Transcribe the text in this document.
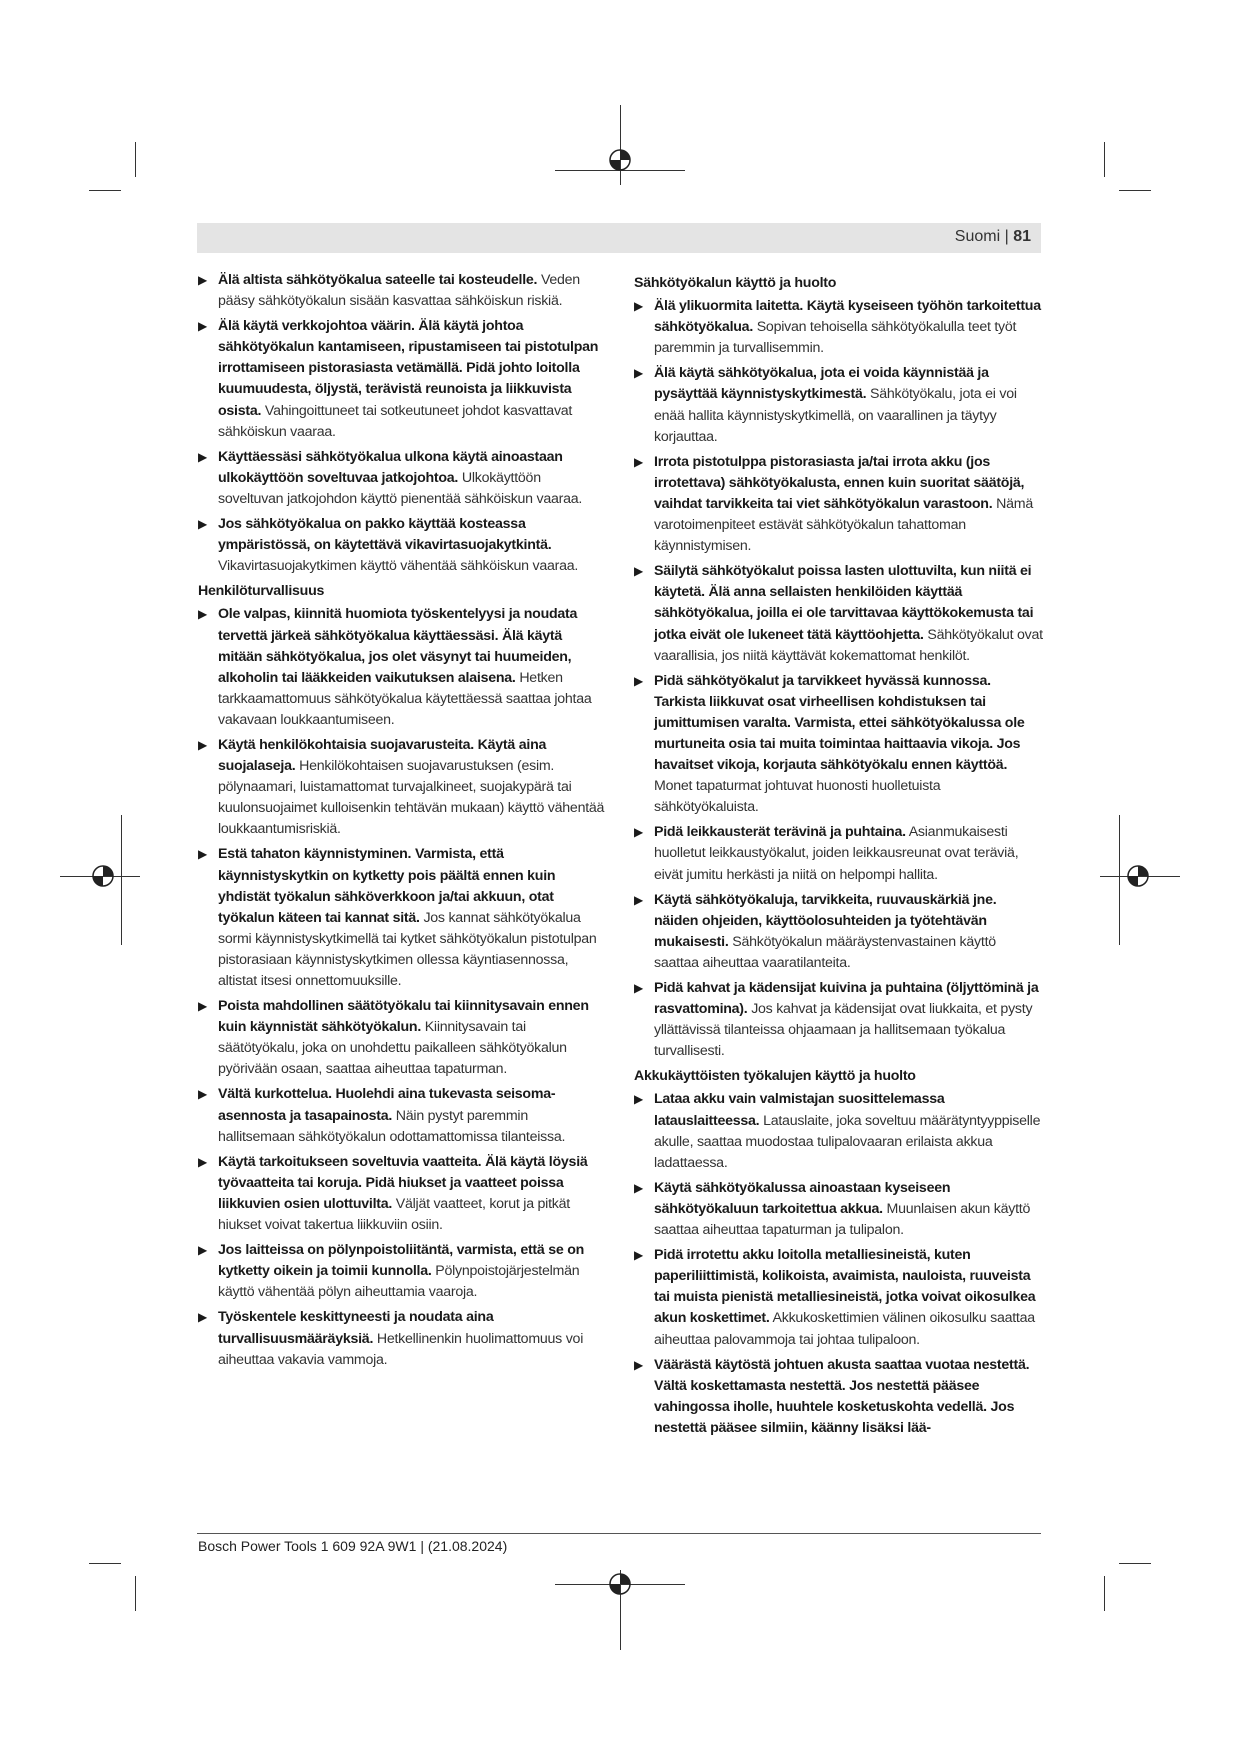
Suomi | 81
▶ Älä altista sähkötyökalua sateelle tai kosteudelle. Veden pääsy sähkötyökalun sisään kasvattaa sähköiskun riskiä.
▶ Älä käytä verkkojohtoa väärin. Älä käytä johtoa sähkötyökalun kantamiseen, ripustamiseen tai pistotulpan irrottamiseen pistorasiasta vetämällä. Pidä johto loitolla kuumuudesta, öljystä, terävistä reunoista ja liikkuvista osista. Vahingoittuneet tai sotkeutuneet johdot kasvattavat sähköiskun vaaraa.
▶ Käyttäessäsi sähkötyökalua ulkona käytä ainoastaan ulkokäyttöön soveltuvaa jatkojohtoa. Ulkokäyttöön soveltuvan jatkojohdon käyttö pienentää sähköiskun vaaraa.
▶ Jos sähkötyökalua on pakko käyttää kosteassa ympäristössä, on käytettävä vikavirtasuojakytkintä. Vikavirtasuojakytkimen käyttö vähentää sähköiskun vaaraa.
Henkilöturvallisuus
▶ Ole valpas, kiinnitä huomiota työskentelyysi ja noudata tervettä järkeä sähkötyökalua käyttäessäsi. Älä käytä mitään sähkötyökalua, jos olet väsynyt tai huumeiden, alkoholin tai lääkkeiden vaikutuksen alaisena. Hetken tarkkaamattomuus sähkötyökalua käytettäessä saattaa johtaa vakavaan loukkaantumiseen.
▶ Käytä henkilökohtaisia suojavarusteita. Käytä aina suojalaseja. Henkilökohtaisen suojavarustuksen (esim. pölynaamari, luistamattomat turvajalkineet, suojakypärä tai kuulonsuojaimet kulloisenkin tehtävän mukaan) käyttö vähentää loukkaantumisriskiä.
▶ Estä tahaton käynnistyminen. Varmista, että käynnistyskytkin on kytketty pois päältä ennen kuin yhdistät työkalun sähköverkkoon ja/tai akkuun, otat työkalun käteen tai kannat sitä. Jos kannat sähkötyökalua sormi käynnistyskytkimellä tai kytket sähkötyökalun pistotulpan pistorasiaan käynnistyskytkimen ollessa käyntiasennossa, altistat itsesi onnettomuuksille.
▶ Poista mahdollinen säätötyökalu tai kiinnitysavain ennen kuin käynnistät sähkötyökalun. Kiinnitysavain tai säätötyökalu, joka on unohdettu paikalleen sähkötyökalun pyörivään osaan, saattaa aiheuttaa tapaturman.
▶ Vältä kurkottelua. Huolehdi aina tukevasta seisoma-asennosta ja tasapainosta. Näin pystyt paremmin hallitsemaan sähkötyökalun odottamattomissa tilanteissa.
▶ Käytä tarkoitukseen soveltuvia vaatteita. Älä käytä löysiä työvaatteita tai koruja. Pidä hiukset ja vaatteet poissa liikkuvien osien ulottuvilta. Väljät vaatteet, korut ja pitkät hiukset voivat takertua liikkuviin osiin.
▶ Jos laitteissa on pölynpoistoliitäntä, varmista, että se on kytketty oikein ja toimii kunnolla. Pölynpoistojärjestelmän käyttö vähentää pölyn aiheuttamia vaaroja.
▶ Työskentele keskittyneesti ja noudata aina turvallisuusmääräyksiä. Hetkellinenkin huolimattomuus voi aiheuttaa vakavia vammoja.
Sähkötyökalun käyttö ja huolto
▶ Älä ylikuormita laitetta. Käytä kyseiseen työhön tarkoitettua sähkötyökalua. Sopivan tehoisella sähkötyökalulla teet työt paremmin ja turvallisemmin.
▶ Älä käytä sähkötyökalua, jota ei voida käynnistää ja pysäyttää käynnistyskytkimestä. Sähkötyökalu, jota ei voi enää hallita käynnistyskytkimellä, on vaarallinen ja täytyy korjauttaa.
▶ Irrota pistotulppa pistorasiasta ja/tai irrota akku (jos irrotettava) sähkötyökalusta, ennen kuin suoritat säätöjä, vaihdat tarvikkeita tai viet sähkötyökalun varastoon. Nämä varotoimenpiteet estävät sähkötyökalun tahattoman käynnistymisen.
▶ Säilytä sähkötyökalut poissa lasten ulottuvilta, kun niitä ei käytetä. Älä anna sellaisten henkilöiden käyttää sähkötyökalua, joilla ei ole tarvittavaa käyttökokemusta tai jotka eivät ole lukeneet tätä käyttöohjetta. Sähkötyökalut ovat vaarallisia, jos niitä käyttävät kokemattomat henkilöt.
▶ Pidä sähkötyökalut ja tarvikkeet hyvässä kunnossa. Tarkista liikkuvat osat virheellisen kohdistuksen tai jumittumisen varalta. Varmista, ettei sähkötyökalussa ole murtuneita osia tai muita toimintaa haittaavia vikoja. Jos havaitset vikoja, korjauta sähkötyökalu ennen käyttöä. Monet tapaturmat johtuvat huonosti huolletuista sähkötyökaluista.
▶ Pidä leikkausterät terävinä ja puhtaina. Asianmukaisesti huolletut leikkaustyökalut, joiden leikkausreunat ovat teräviä, eivät jumitu herkästi ja niitä on helpompi hallita.
▶ Käytä sähkötyökaluja, tarvikkeita, ruuvauskärkiä jne. näiden ohjeiden, käyttöolosuhteiden ja työtehtävän mukaisesti. Sähkötyökalun määräystenvastainen käyttö saattaa aiheuttaa vaaratilanteita.
▶ Pidä kahvat ja kädensijat kuivina ja puhtaina (öljyttöminä ja rasvattomina). Jos kahvat ja kädensijat ovat liukkaita, et pysty yllättävissä tilanteissa ohjaamaan ja hallitsemaan työkalua turvallisesti.
Akkukäyttöisten työkalujen käyttö ja huolto
▶ Lataa akku vain valmistajan suosittelemassa latauslaitteessa. Latauslaite, joka soveltuu määrätyntyyppiselle akulle, saattaa muodostaa tulipalovaaran erilaista akkua ladattaessa.
▶ Käytä sähkötyökalussa ainoastaan kyseiseen sähkötyökaluun tarkoitettua akkua. Muunlaisen akun käyttö saattaa aiheuttaa tapaturman ja tulipalon.
▶ Pidä irrotettu akku loitolla metalliesineistä, kuten paperiliittimistä, kolikoista, avaimista, nauloista, ruuveista tai muista pienistä metalliesineistä, jotka voivat oikosulkea akun koskettimet. Akkukoskettimien välinen oikosulku saattaa aiheuttaa palovammoja tai johtaa tulipaloon.
▶ Väärästä käytöstä johtuen akusta saattaa vuotaa nestettä. Vältä koskettamasta nestettä. Jos nestettä pääsee vahingossa iholle, huuhtele kosketuskohta vedellä. Jos nestettä pääsee silmiin, käänny lisäksi lää-
Bosch Power Tools 1 609 92A 9W1 | (21.08.2024)
